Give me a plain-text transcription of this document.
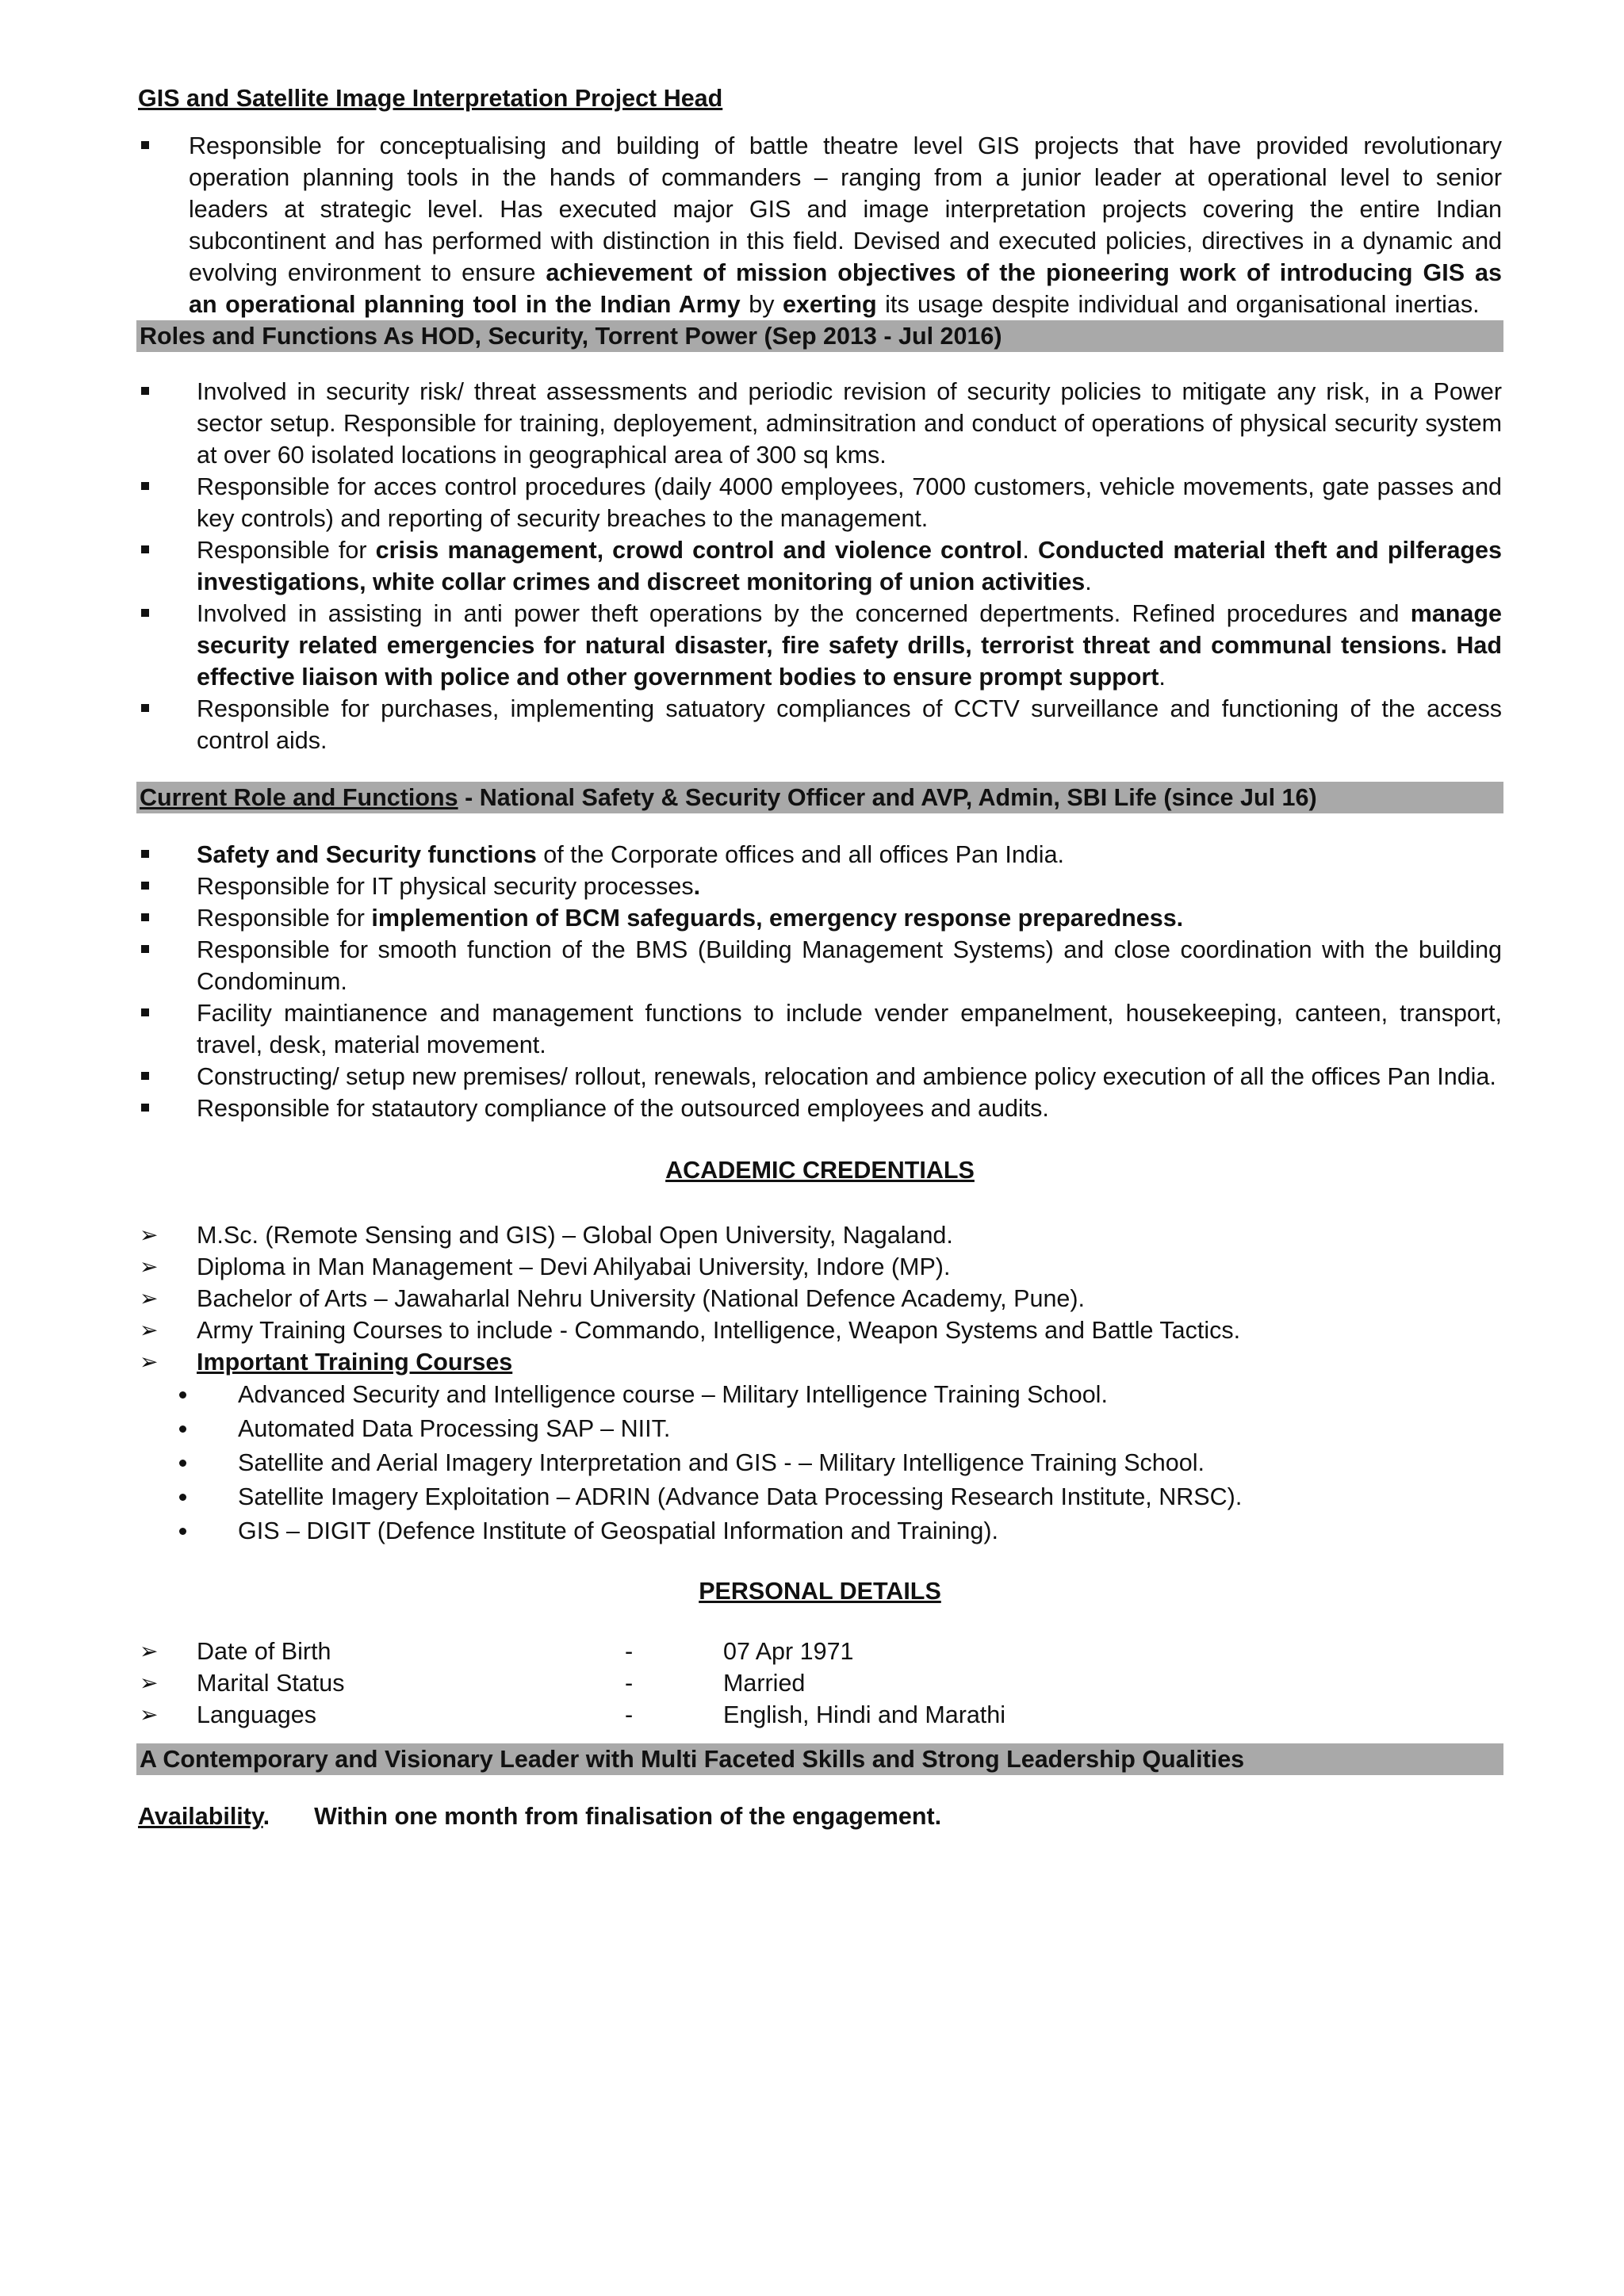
GIS and Satellite Image Interpretation Project Head
Responsible for conceptualising and building of battle theatre level GIS projects that have provided revolutionary operation planning tools in the hands of commanders – ranging from a junior leader at operational level to senior leaders at strategic level. Has executed major GIS and image interpretation projects covering the entire Indian subcontinent and has performed with distinction in this field. Devised and executed policies, directives in a dynamic and evolving environment to ensure achievement of mission objectives of the pioneering work of introducing GIS as an operational planning tool in the Indian Army by exerting its usage despite individual and organisational inertias.
Roles and Functions As HOD, Security, Torrent Power (Sep 2013 - Jul 2016)
Involved in security risk/ threat assessments and periodic revision of security policies to mitigate any risk, in a Power sector setup. Responsible for training, deployement, adminsitration and conduct of operations of physical security system at over 60 isolated locations in geographical area of 300 sq kms.
Responsible for acces control procedures (daily 4000 employees, 7000 customers, vehicle movements, gate passes and key controls) and reporting of security breaches to the management.
Responsible for crisis management, crowd control and violence control. Conducted material theft and pilferages investigations, white collar crimes and discreet monitoring of union activities.
Involved in assisting in anti power theft operations by the concerned depertments. Refined procedures and manage security related emergencies for natural disaster, fire safety drills, terrorist threat and communal tensions. Had effective liaison with police and other government bodies to ensure prompt support.
Responsible for purchases, implementing satuatory compliances of CCTV surveillance and functioning of the access control aids.
Current Role and Functions - National Safety & Security Officer and AVP, Admin, SBI Life (since Jul 16)
Safety and Security functions of the Corporate offices and all offices Pan India.
Responsible for IT physical security processes.
Responsible for implemention of BCM safeguards, emergency response preparedness.
Responsible for smooth function of the BMS (Building Management Systems) and close coordination with the building Condominum.
Facility maintianence and management functions to include vender empanelment, housekeeping, canteen, transport, travel, desk, material movement.
Constructing/ setup new premises/ rollout, renewals, relocation and ambience policy execution of all the offices Pan India.
Responsible for statautory compliance of the outsourced employees and audits.
ACADEMIC CREDENTIALS
➢ M.Sc. (Remote Sensing and GIS) – Global Open University, Nagaland.
➢ Diploma in Man Management – Devi Ahilyabai University, Indore (MP).
➢ Bachelor of Arts – Jawaharlal Nehru University (National Defence Academy, Pune).
➢ Army Training Courses to include - Commando, Intelligence, Weapon Systems and Battle Tactics.
➢ Important Training Courses
Advanced Security and Intelligence course – Military Intelligence Training School.
Automated Data Processing SAP – NIIT.
Satellite and Aerial Imagery Interpretation and GIS - – Military Intelligence Training School.
Satellite Imagery Exploitation – ADRIN (Advance Data Processing Research Institute, NRSC).
GIS – DIGIT (Defence Institute of Geospatial Information and Training).
PERSONAL DETAILS
➢ Date of Birth	-	07 Apr 1971
➢ Marital Status	-	Married
➢ Languages	-	English, Hindi and Marathi
A Contemporary and Visionary Leader with Multi Faceted Skills and Strong Leadership Qualities
Availability. Within one month from finalisation of the engagement.
